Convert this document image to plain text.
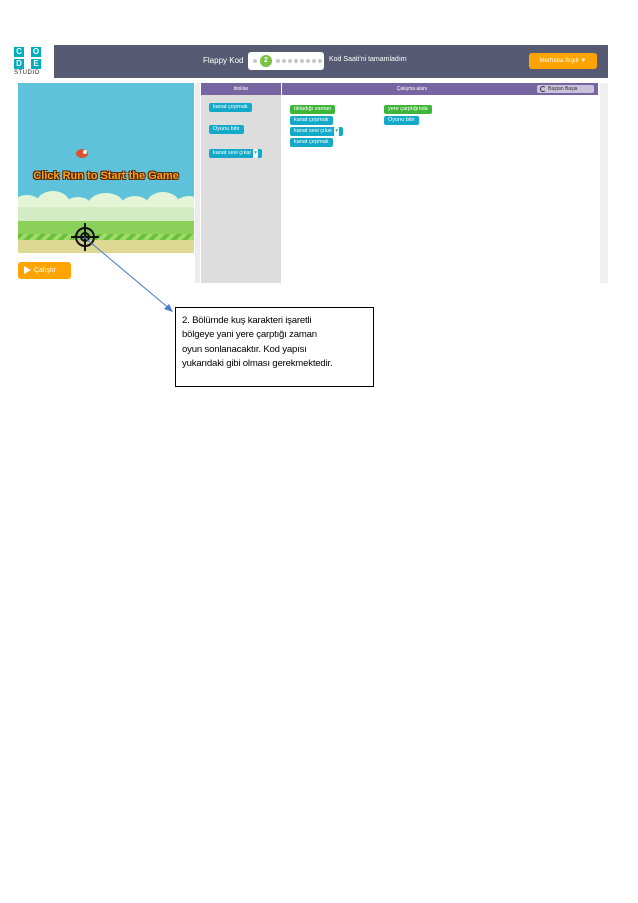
C O
D E
STUDIO
Flappy Kod	2	Kod Saati'ni tamamladım	Merhaba Sıgılı ▼
Click Run to Start the Game
Çalıştır
bloklar
kanat çırpmak
Oyunu bitir
kanat sesi çıkar ▾
Çalışma alanı	Baştan Başla
tıkladığı zaman
kanat çırpmak
kanat sesi çıkar ▾
kanat çırpmak
yere çarptığında
Oyunu bitir

2. Bölümde kuş karakteri işaretli
bölgeye yani yere çarptığı zaman
oyun sonlanacaktır. Kod yapısı
yukarıdaki gibi olması gerekmektedir.
